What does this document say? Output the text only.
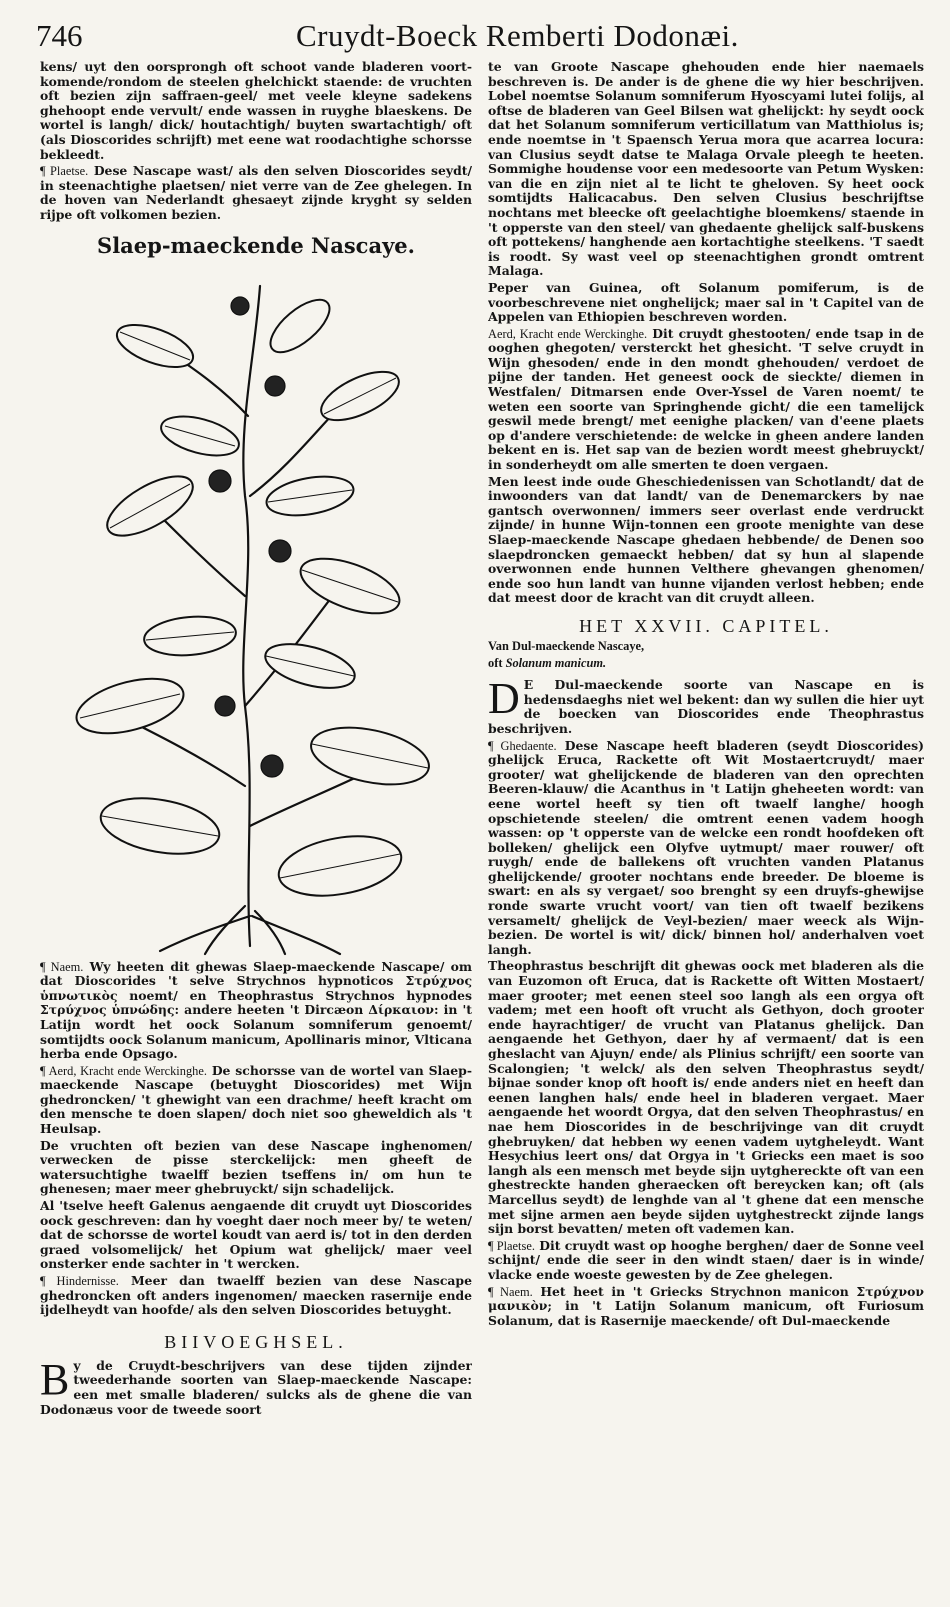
746	Cruydt-Boeck Remberti Dodonæi.

kens/ uyt den oorsprongh oft schoot vande bladeren voort-komende/rondom de steelen ghelchickt staende: de vruchten oft bezien zijn saffraen-geel/ met veele kleyne sadekens ghehoopt ende vervult/ ende wassen in ruyghe blaeskens. De wortel is langh/ dick/ houtachtigh/ buyten swartachtigh/ oft (als Dioscorides schrijft) met eene wat roodachtighe schorsse bekleedt.

¶ Plaetse. Dese Nascape wast/ als den selven Dioscorides seydt/ in steenachtighe plaetsen/ niet verre van de Zee ghelegen. In de hoven van Nederlandt ghesaeyt zijnde kryght sy selden rijpe oft volkomen bezien.

Slaep-maeckende Nascaye.

¶ Naem. Wy heeten dit ghewas Slaep-maeckende Nascape/ om dat Dioscorides 't selve Strychnos hypnoticos Στρύχνος ὑπνωτικὸς noemt/ en Theophrastus Strychnos hypnodes Στρύχνος ὑπνώδης: andere heeten 't Dircæon Δίρκαιον: in 't Latijn wordt het oock Solanum somniferum genoemt/ somtijdts oock Solanum manicum, Apollinaris minor, Vlticana herba ende Opsago.

¶ Aerd, Kracht ende Werckinghe. De schorsse van de wortel van Slaep-maeckende Nascape (betuyght Dioscorides) met Wijn ghedroncken/ 't ghewight van een drachme/ heeft kracht om den mensche te doen slapen/ doch niet soo gheweldich als 't Heulsap.

De vruchten oft bezien van dese Nascape inghenomen/ verwecken de pisse sterckelijck: men gheeft de watersuchtighe twaelff bezien tseffens in/ om hun te ghenesen; maer meer ghebruyckt/ sijn schadelijck.

Al 'tselve heeft Galenus aengaende dit cruydt uyt Dioscorides oock geschreven: dan hy voeght daer noch meer by/ te weten/ dat de schorsse de wortel koudt van aerd is/ tot in den derden graed volsomelijck/ het Opium wat ghelijck/ maer veel onsterker ende sachter in 't wercken.

¶ Hindernisse. Meer dan twaelff bezien van dese Nascape ghedroncken oft anders ingenomen/ maecken rasernije ende ijdelheydt van hoofde/ als den selven Dioscorides betuyght.

BIIVOEGHSEL.

B y de Cruydt-beschrijvers van dese tijden zijnder tweederhande soorten van Slaep-maeckende Nascape: een met smalle bladeren/ sulcks als de ghene die van Dodonæus voor de tweede soort

te van Groote Nascape ghehouden ende hier naemaels beschreven is. De ander is de ghene die wy hier beschrijven. Lobel noemtse Solanum somniferum Hyoscyami lutei folijs, al oftse de bladeren van Geel Bilsen wat ghelijckt: hy seydt oock dat het Solanum somniferum verticillatum van Matthiolus is; ende noemtse in 't Spaensch Yerua mora que acarrea locura: van Clusius seydt datse te Malaga Orvale pleegh te heeten. Sommighe houdense voor een medesoorte van Petum Wysken: van die en zijn niet al te licht te gheloven. Sy heet oock somtijdts Halicacabus. Den selven Clusius beschrijftse nochtans met bleecke oft geelachtighe bloemkens/ staende in 't opperste van den steel/ van ghedaente ghelijck salf-buskens oft pottekens/ hanghende aen kortachtighe steelkens. 'T saedt is roodt. Sy wast veel op steenachtighen grondt omtrent Malaga.

Peper van Guinea, oft Solanum pomiferum, is de voorbeschrevene niet onghelijck; maer sal in 't Capitel van de Appelen van Ethiopien beschreven worden.

Aerd, Kracht ende Werckinghe. Dit cruydt ghestooten/ ende tsap in de ooghen ghegoten/ versterckt het ghesicht. 'T selve cruydt in Wijn ghesoden/ ende in den mondt ghehouden/ verdoet de pijne der tanden. Het geneest oock de sieckte/ diemen in Westfalen/ Ditmarsen ende Over-Yssel de Varen noemt/ te weten een soorte van Springhende gicht/ die een tamelijck geswil mede brengt/ met eenighe placken/ van d'eene plaets op d'andere verschietende: de welcke in gheen andere landen bekent en is. Het sap van de bezien wordt meest ghebruyckt/ in sonderheydt om alle smerten te doen vergaen.

Men leest inde oude Gheschiedenissen van Schotlandt/ dat de inwoonders van dat landt/ van de Denemarckers by nae gantsch overwonnen/ immers seer overlast ende verdruckt zijnde/ in hunne Wijn-tonnen een groote menighte van dese Slaep-maeckende Nascape ghedaen hebbende/ de Denen soo slaepdroncken gemaeckt hebben/ dat sy hun al slapende overwonnen ende hunnen Velthere ghevangen ghenomen/ ende soo hun landt van hunne vijanden verlost hebben; ende dat meest door de kracht van dit cruydt alleen.

HET XXVII. CAPITEL.

Van Dul-maeckende Nascaye,

oft Solanum manicum.

D E Dul-maeckende soorte van Nascape en is hedensdaeghs niet wel bekent: dan wy sullen die hier uyt de boecken van Dioscorides ende Theophrastus beschrijven.

¶ Ghedaente. Dese Nascape heeft bladeren (seydt Dioscorides) ghelijck Eruca, Rackette oft Wit Mostaertcruydt/ maer grooter/ wat ghelijckende de bladeren van den oprechten Beeren-klauw/ die Acanthus in 't Latijn gheheeten wordt: van eene wortel heeft sy tien oft twaelf langhe/ hoogh opschietende steelen/ die omtrent eenen vadem hoogh wassen: op 't opperste van de welcke een rondt hoofdeken oft bolleken/ ghelijck een Olyfve uytmupt/ maer rouwer/ oft ruygh/ ende de ballekens oft vruchten vanden Platanus ghelijckende/ grooter nochtans ende breeder. De bloeme is swart: en als sy vergaet/ soo brenght sy een druyfs-ghewijse ronde swarte vrucht voort/ van tien oft twaelf bezikens versamelt/ ghelijck de Veyl-bezien/ maer weeck als Wijn-bezien. De wortel is wit/ dick/ binnen hol/ anderhalven voet langh.

Theophrastus beschrijft dit ghewas oock met bladeren als die van Euzomon oft Eruca, dat is Rackette oft Witten Mostaert/ maer grooter; met eenen steel soo langh als een orgya oft vadem; met een hooft oft vrucht als Gethyon, doch grooter ende hayrachtiger/ de vrucht van Platanus ghelijck. Dan aengaende het Gethyon, daer hy af vermaent/ dat is een gheslacht van Ajuyn/ ende/ als Plinius schrijft/ een soorte van Scalongien; 't welck/ als den selven Theophrastus seydt/ bijnae sonder knop oft hooft is/ ende anders niet en heeft dan eenen langhen hals/ ende heel in bladeren vergaet. Maer aengaende het woordt Orgya, dat den selven Theophrastus/ en nae hem Dioscorides in de beschrijvinge van dit cruydt ghebruyken/ dat hebben wy eenen vadem uytgheleydt. Want Hesychius leert ons/ dat Orgya in 't Griecks een maet is soo langh als een mensch met beyde sijn uytghereckte oft van een ghestreckte handen gheraecken oft bereycken kan; oft (als Marcellus seydt) de lenghde van al 't ghene dat een mensche met sijne armen aen beyde sijden uytghestreckt zijnde langs sijn borst bevatten/ meten oft vademen kan.

¶ Plaetse. Dit cruydt wast op hooghe berghen/ daer de Sonne veel schijnt/ ende die seer in den windt staen/ daer is in winde/ vlacke ende woeste gewesten by de Zee ghelegen.

¶ Naem. Het heet in 't Griecks Strychnon manicon Στρύχνον μανικὸν; in 't Latijn Solanum manicum, oft Furiosum Solanum, dat is Rasernije maeckende/ oft Dul-maeckende
